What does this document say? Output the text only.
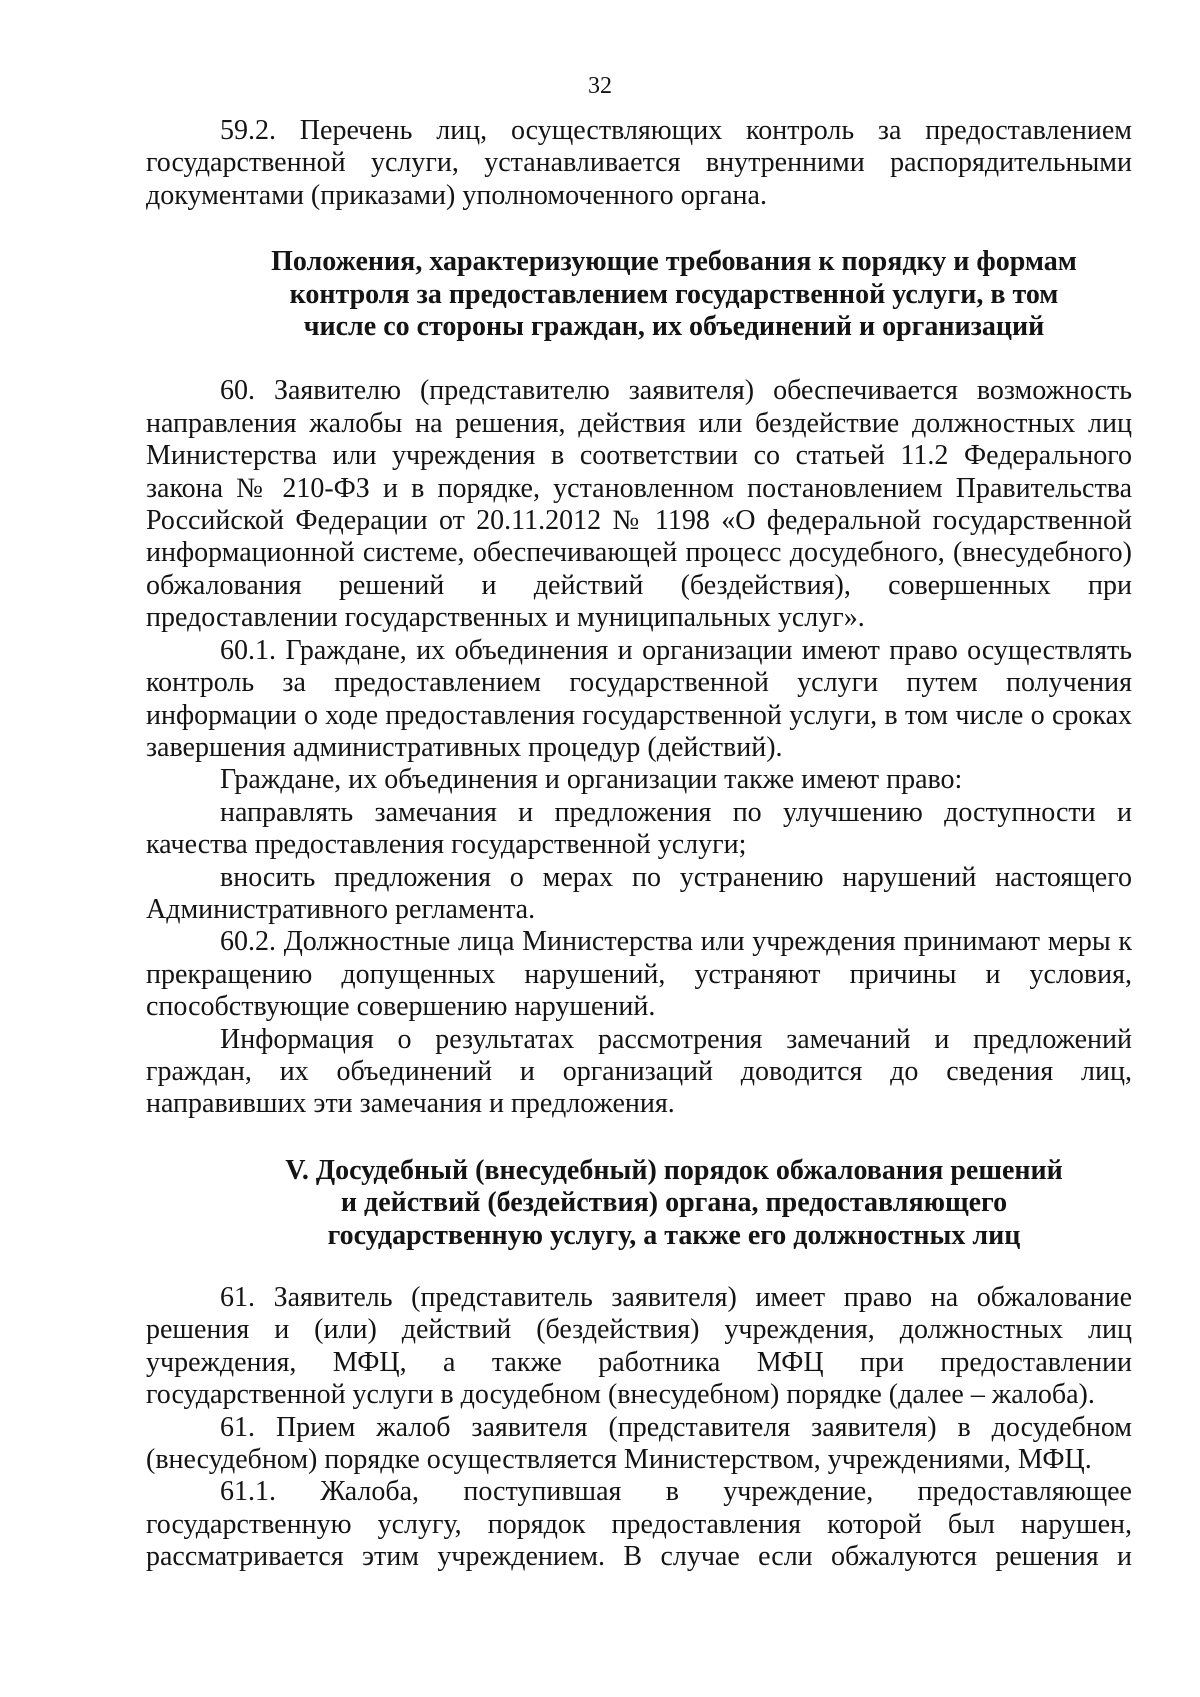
32

59.2. Перечень лиц, осуществляющих контроль за предоставлением государственной услуги, устанавливается внутренними распорядительными документами (приказами) уполномоченного органа.

Положения, характеризующие требования к порядку и формам
контроля за предоставлением государственной услуги, в том
числе со стороны граждан, их объединений и организаций

60. Заявителю (представителю заявителя) обеспечивается возможность направления жалобы на решения, действия или бездействие должностных лиц Министерства или учреждения в соответствии со статьей 11.2 Федерального закона № 210-ФЗ и в порядке, установленном постановлением Правительства Российской Федерации от 20.11.2012 № 1198 «О федеральной государственной информационной системе, обеспечивающей процесс досудебного, (внесудебного) обжалования решений и действий (бездействия), совершенных при предоставлении государственных и муниципальных услуг».

60.1. Граждане, их объединения и организации имеют право осуществлять контроль за предоставлением государственной услуги путем получения информации о ходе предоставления государственной услуги, в том числе о сроках завершения административных процедур (действий).

Граждане, их объединения и организации также имеют право:

направлять замечания и предложения по улучшению доступности и качества предоставления государственной услуги;

вносить предложения о мерах по устранению нарушений настоящего Административного регламента.

60.2. Должностные лица Министерства или учреждения принимают меры к прекращению допущенных нарушений, устраняют причины и условия, способствующие совершению нарушений.

Информация о результатах рассмотрения замечаний и предложений граждан, их объединений и организаций доводится до сведения лиц, направивших эти замечания и предложения.

V. Досудебный (внесудебный) порядок обжалования решений
и действий (бездействия) органа, предоставляющего
государственную услугу, а также его должностных лиц

61. Заявитель (представитель заявителя) имеет право на обжалование решения и (или) действий (бездействия) учреждения, должностных лиц учреждения, МФЦ, а также работника МФЦ при предоставлении государственной услуги в досудебном (внесудебном) порядке (далее – жалоба).

61. Прием жалоб заявителя (представителя заявителя) в досудебном (внесудебном) порядке осуществляется Министерством, учреждениями, МФЦ.

61.1. Жалоба, поступившая в учреждение, предоставляющее государственную услугу, порядок предоставления которой был нарушен, рассматривается этим учреждением. В случае если обжалуются решения и
